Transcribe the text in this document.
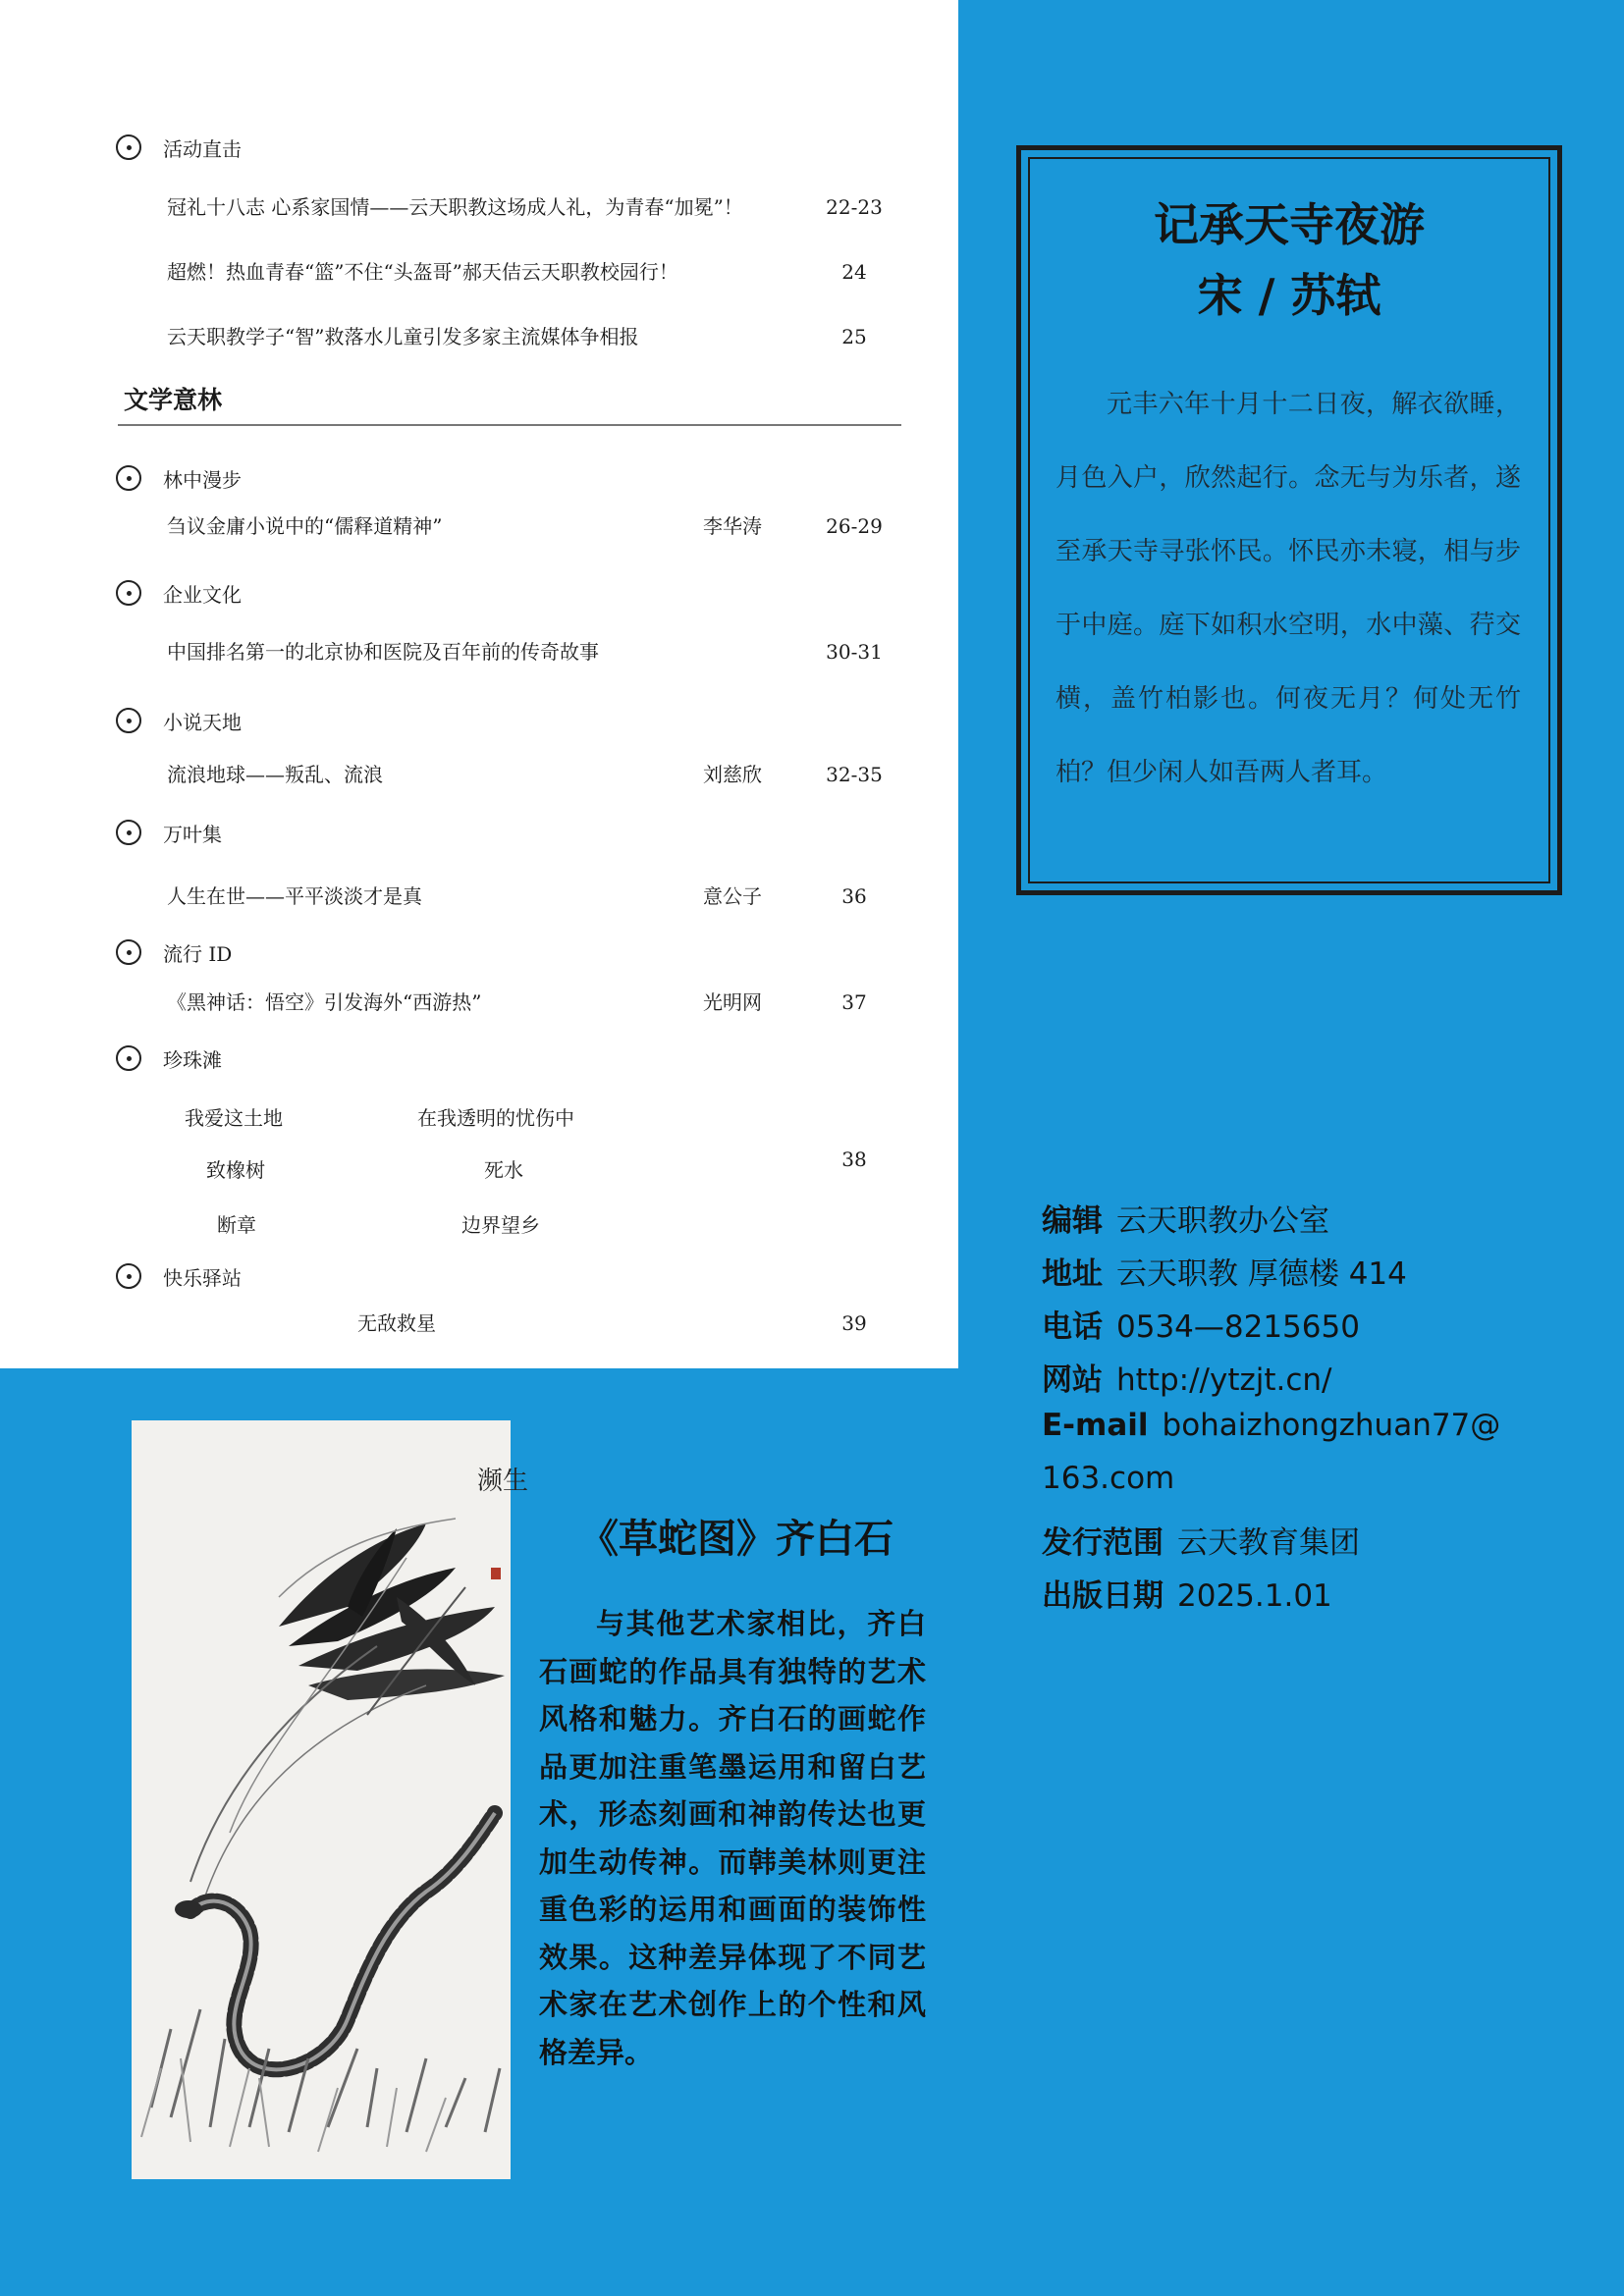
活动直击
冠礼十八志 心系家国情——云天职教这场成人礼，为青春“加冕”！	22-23
超燃！热血青春“篮”不住“头盔哥”郝天佶云天职教校园行！	24
云天职教学子“智”救落水儿童引发多家主流媒体争相报	25
文学意林
林中漫步
刍议金庸小说中的“儒释道精神”	李华涛	26-29
企业文化
中国排名第一的北京协和医院及百年前的传奇故事	30-31
小说天地
流浪地球——叛乱、流浪	刘慈欣	32-35
万叶集
人生在世——平平淡淡才是真	意公子	36
流行 ID
《黑神话：悟空》引发海外“西游热”	光明网	37
珍珠滩
我爱这土地	在我透明的忧伤中
致橡树	死水
断章	边界望乡
38
快乐驿站
无敌救星	39
记承天寺夜游
宋 / 苏轼
元丰六年十月十二日夜，解衣欲睡，月色入户，欣然起行。念无与为乐者，遂至承天寺寻张怀民。怀民亦未寝，相与步于中庭。庭下如积水空明，水中藻、荇交横，盖竹柏影也。何夜无月？何处无竹柏？但少闲人如吾两人者耳。
编辑 云天职教办公室
地址 云天职教 厚德楼 414
电话 0534—8215650
网站 http://ytzjt.cn/
E-mail bohaizhongzhuan77@
163.com
发行范围 云天教育集团
出版日期 2025.1.01
濒生
《草蛇图》齐白石
与其他艺术家相比，齐白石画蛇的作品具有独特的艺术风格和魅力。齐白石的画蛇作品更加注重笔墨运用和留白艺术，形态刻画和神韵传达也更加生动传神。而韩美林则更注重色彩的运用和画面的装饰性效果。这种差异体现了不同艺术家在艺术创作上的个性和风格差异。
